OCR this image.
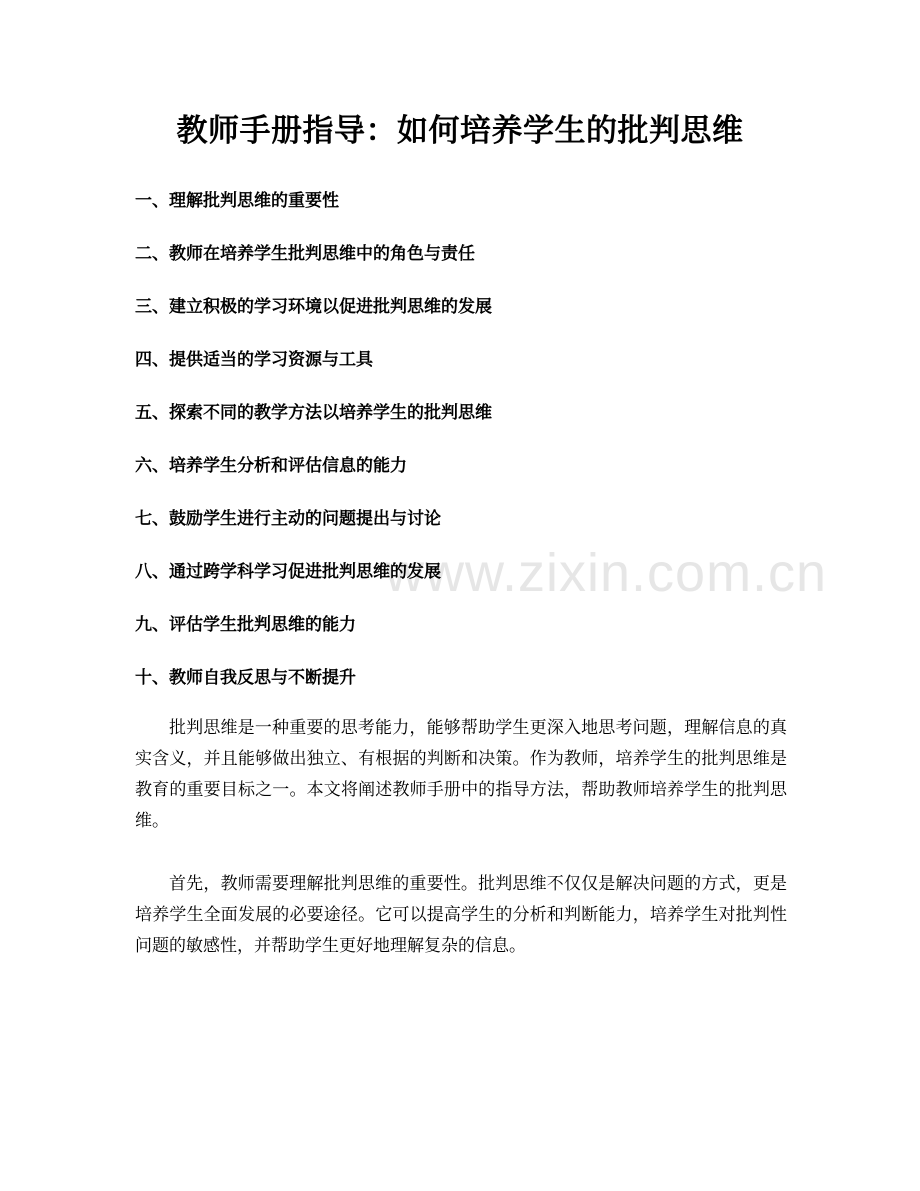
www.zixin.com.cn
教师手册指导：如何培养学生的批判思维
一、理解批判思维的重要性
二、教师在培养学生批判思维中的角色与责任
三、建立积极的学习环境以促进批判思维的发展
四、提供适当的学习资源与工具
五、探索不同的教学方法以培养学生的批判思维
六、培养学生分析和评估信息的能力
七、鼓励学生进行主动的问题提出与讨论
八、通过跨学科学习促进批判思维的发展
九、评估学生批判思维的能力
十、教师自我反思与不断提升

批判思维是一种重要的思考能力，能够帮助学生更深入地思考问题，理解信息的真实含义，并且能够做出独立、有根据的判断和决策。作为教师，培养学生的批判思维是教育的重要目标之一。本文将阐述教师手册中的指导方法，帮助教师培养学生的批判思维。

首先，教师需要理解批判思维的重要性。批判思维不仅仅是解决问题的方式，更是培养学生全面发展的必要途径。它可以提高学生的分析和判断能力，培养学生对批判性问题的敏感性，并帮助学生更好地理解复杂的信息。
